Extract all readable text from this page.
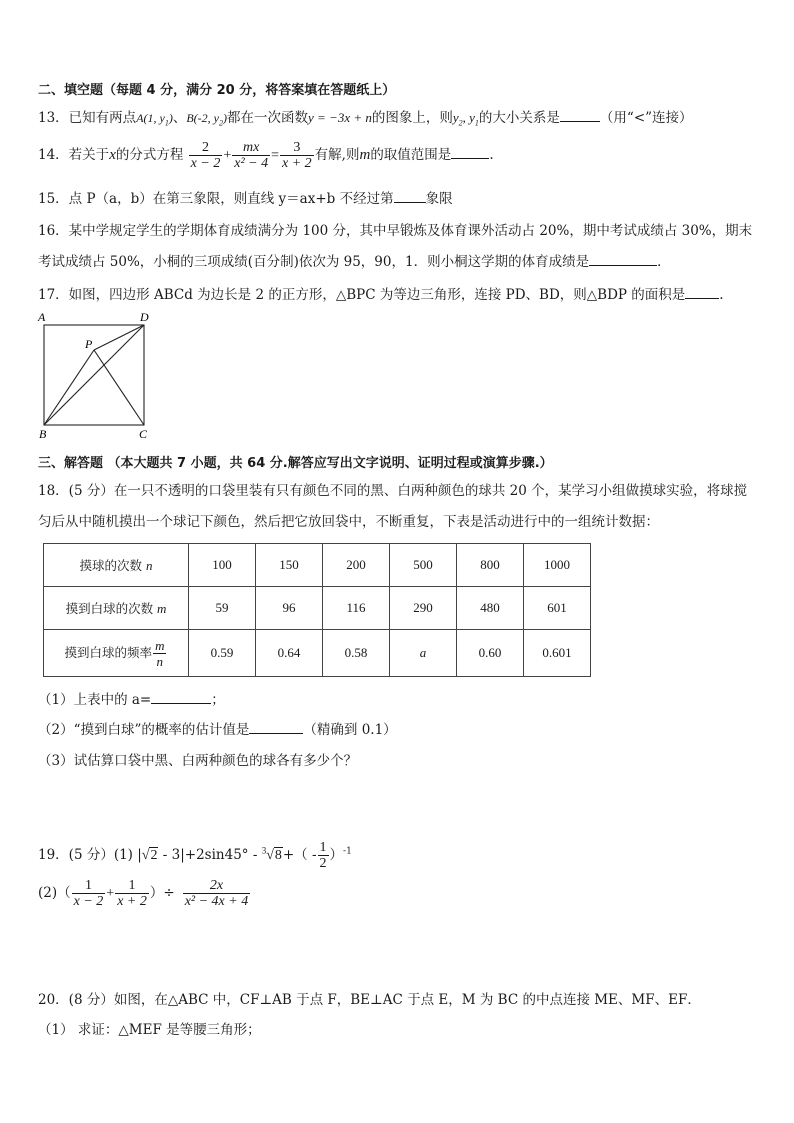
二、填空题（每题 4 分，满分 20 分，将答案填在答题纸上）
13．已知有两点A(1, $y_1$)、B(-2, $y_2$)都在一次函数y = −3x + n的图象上，则$y_2$, $y_1$的大小关系是	（用“<”连接）
14．若关于x的分式方程 $\frac{2}{x - 2} + \frac{mx}{\text{x² − 4}} = \frac{3}{x + 2}$ 有解,则m的取值范围是	.
15．点 P（a，b）在第三象限，则直线 y＝ax+b 不经过第 象限
16．某中学规定学生的学期体育成绩满分为 100 分，其中早锻炼及体育课外活动占 20%，期中考试成绩占 30%，期末
考试成绩占 50%，小桐的三项成绩(百分制)依次为 95，90，1．则小桐这学期的体育成绩是	．
17．如图，四边形 ABCd 为边长是 2 的正方形，△BPC 为等边三角形，连接 PD、BD，则△BDP 的面积是	.
A	D
P
B	C
三、解答题 （本大题共 7 小题，共 64 分.解答应写出文字说明、证明过程或演算步骤.）
18．(5 分）在一只不透明的口袋里装有只有颜色不同的黑、白两种颜色的球共 20 个，某学习小组做摸球实验，将球搅
匀后从中随机摸出一个球记下颜色，然后把它放回袋中，不断重复，下表是活动进行中的一组统计数据：
摸球的次数 n	100	150	200	500	800	1000
摸到白球的次数 m	59	96	116	290	480	601
摸到白球的频率 $\frac{m}{n}$	0.59	0.64	0.58	a	0.60	0.601
（1）上表中的 a=	；
（2）“摸到白球”的概率的估计值是	（精确到 0.1）
（3）试估算口袋中黑、白两种颜色的球各有多少个？
19．(5 分）(1) $|√2 - 3|+2\sin 45^\circ - ^3√8+( - \frac{1}{2} )^{-1}$
$(2)( \frac{1}{x - 2} + \frac{1}{x + 2}$ ）÷ $\frac{2x}{\text{x² − 4x + 4}}$
20．(8 分）如图，在△ABC 中，CF⊥AB 于点 F，BE⊥AC 于点 E，M 为 BC 的中点连接 ME、MF、EF．
（1） 求证：△MEF 是等腰三角形；
